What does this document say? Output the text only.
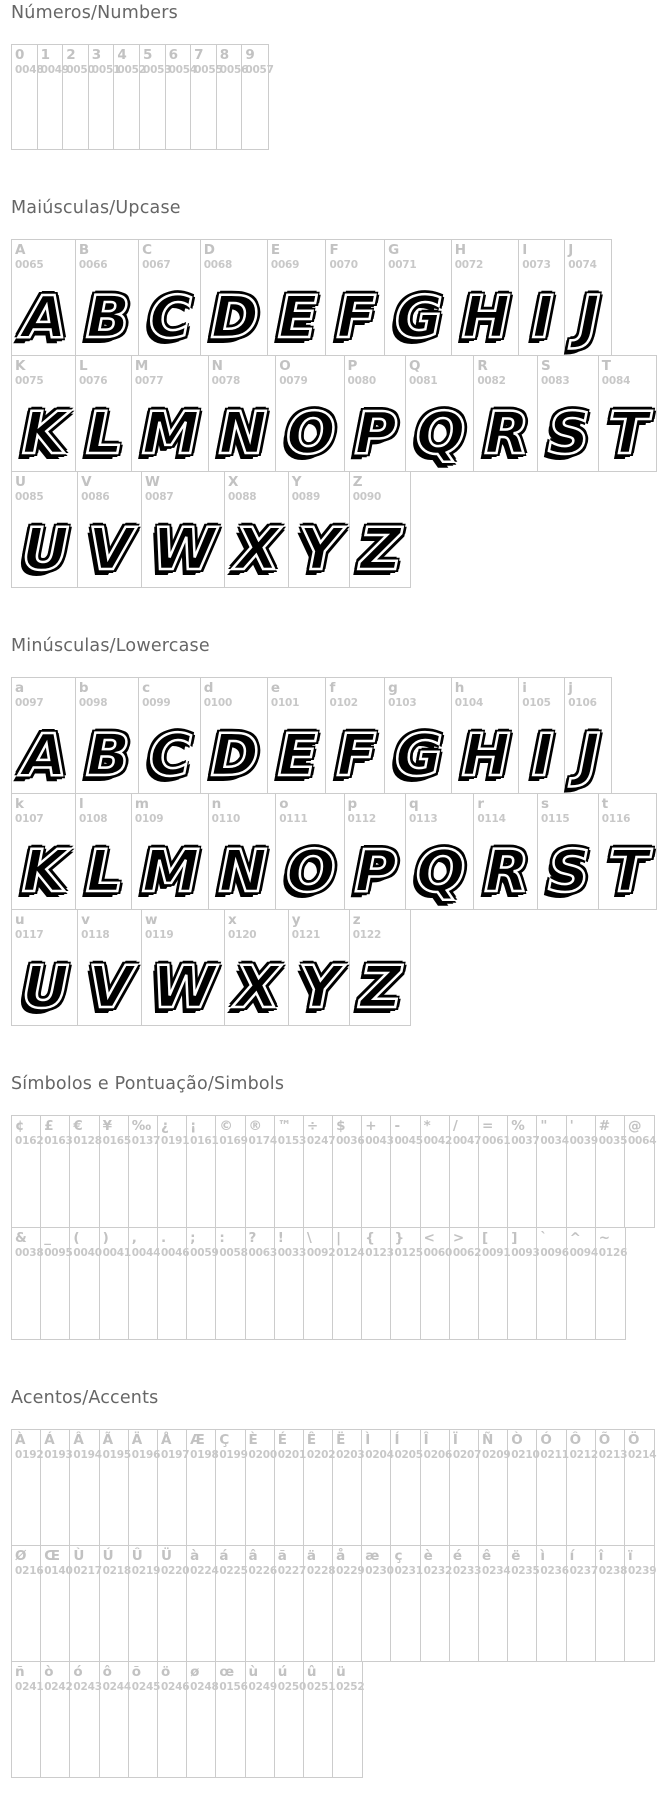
Números/Numbers
0
0048
1
0049
2
0050
3
0051
4
0052
5
0053
6
0054
7
0055
8
0056
9
0057
Maiúsculas/Upcase
A
0065
A
B
0066
B
C
0067
C
D
0068
D
E
0069
E
F
0070
F
G
0071
G
H
0072
H
I
0073
I
J
0074
J
K
0075
K
L
0076
L
M
0077
M
N
0078
N
O
0079
O
P
0080
P
Q
0081
Q
R
0082
R
S
0083
S
T
0084
T
U
0085
U
V
0086
V
W
0087
W
X
0088
X
Y
0089
Y
Z
0090
Z
Minúsculas/Lowercase
a
0097
A
b
0098
B
c
0099
C
d
0100
D
e
0101
E
f
0102
F
g
0103
G
h
0104
H
i
0105
I
j
0106
J
k
0107
K
l
0108
L
m
0109
M
n
0110
N
o
0111
O
p
0112
P
q
0113
Q
r
0114
R
s
0115
S
t
0116
T
u
0117
U
v
0118
V
w
0119
W
x
0120
X
y
0121
Y
z
0122
Z
Símbolos e Pontuação/Simbols
¢
0162
£
0163
€
0128
¥
0165
‰
0137
¿
0191
¡
0161
©
0169
®
0174
™
0153
÷
0247
$
0036
+
0043
-
0045
*
0042
/
0047
=
0061
%
0037
"
0034
'
0039
#
0035
@
0064
&
0038
_
0095
(
0040
)
0041
,
0044
.
0046
;
0059
:
0058
?
0063
!
0033
\
0092
|
0124
{
0123
}
0125
<
0060
>
0062
[
0091
]
0093
`
0096
^
0094
~
0126
Acentos/Accents
À
0192
Á
0193
Â
0194
Ã
0195
Ä
0196
Å
0197
Æ
0198
Ç
0199
È
0200
É
0201
Ê
0202
Ë
0203
Ì
0204
Í
0205
Î
0206
Ï
0207
Ñ
0209
Ò
0210
Ó
0211
Ô
0212
Õ
0213
Ö
0214
Ø
0216
Œ
0140
Ù
0217
Ú
0218
Û
0219
Ü
0220
à
0224
á
0225
â
0226
ã
0227
ä
0228
å
0229
æ
0230
ç
0231
è
0232
é
0233
ê
0234
ë
0235
ì
0236
í
0237
î
0238
ï
0239
ñ
0241
ò
0242
ó
0243
ô
0244
õ
0245
ö
0246
ø
0248
œ
0156
ù
0249
ú
0250
û
0251
ü
0252
